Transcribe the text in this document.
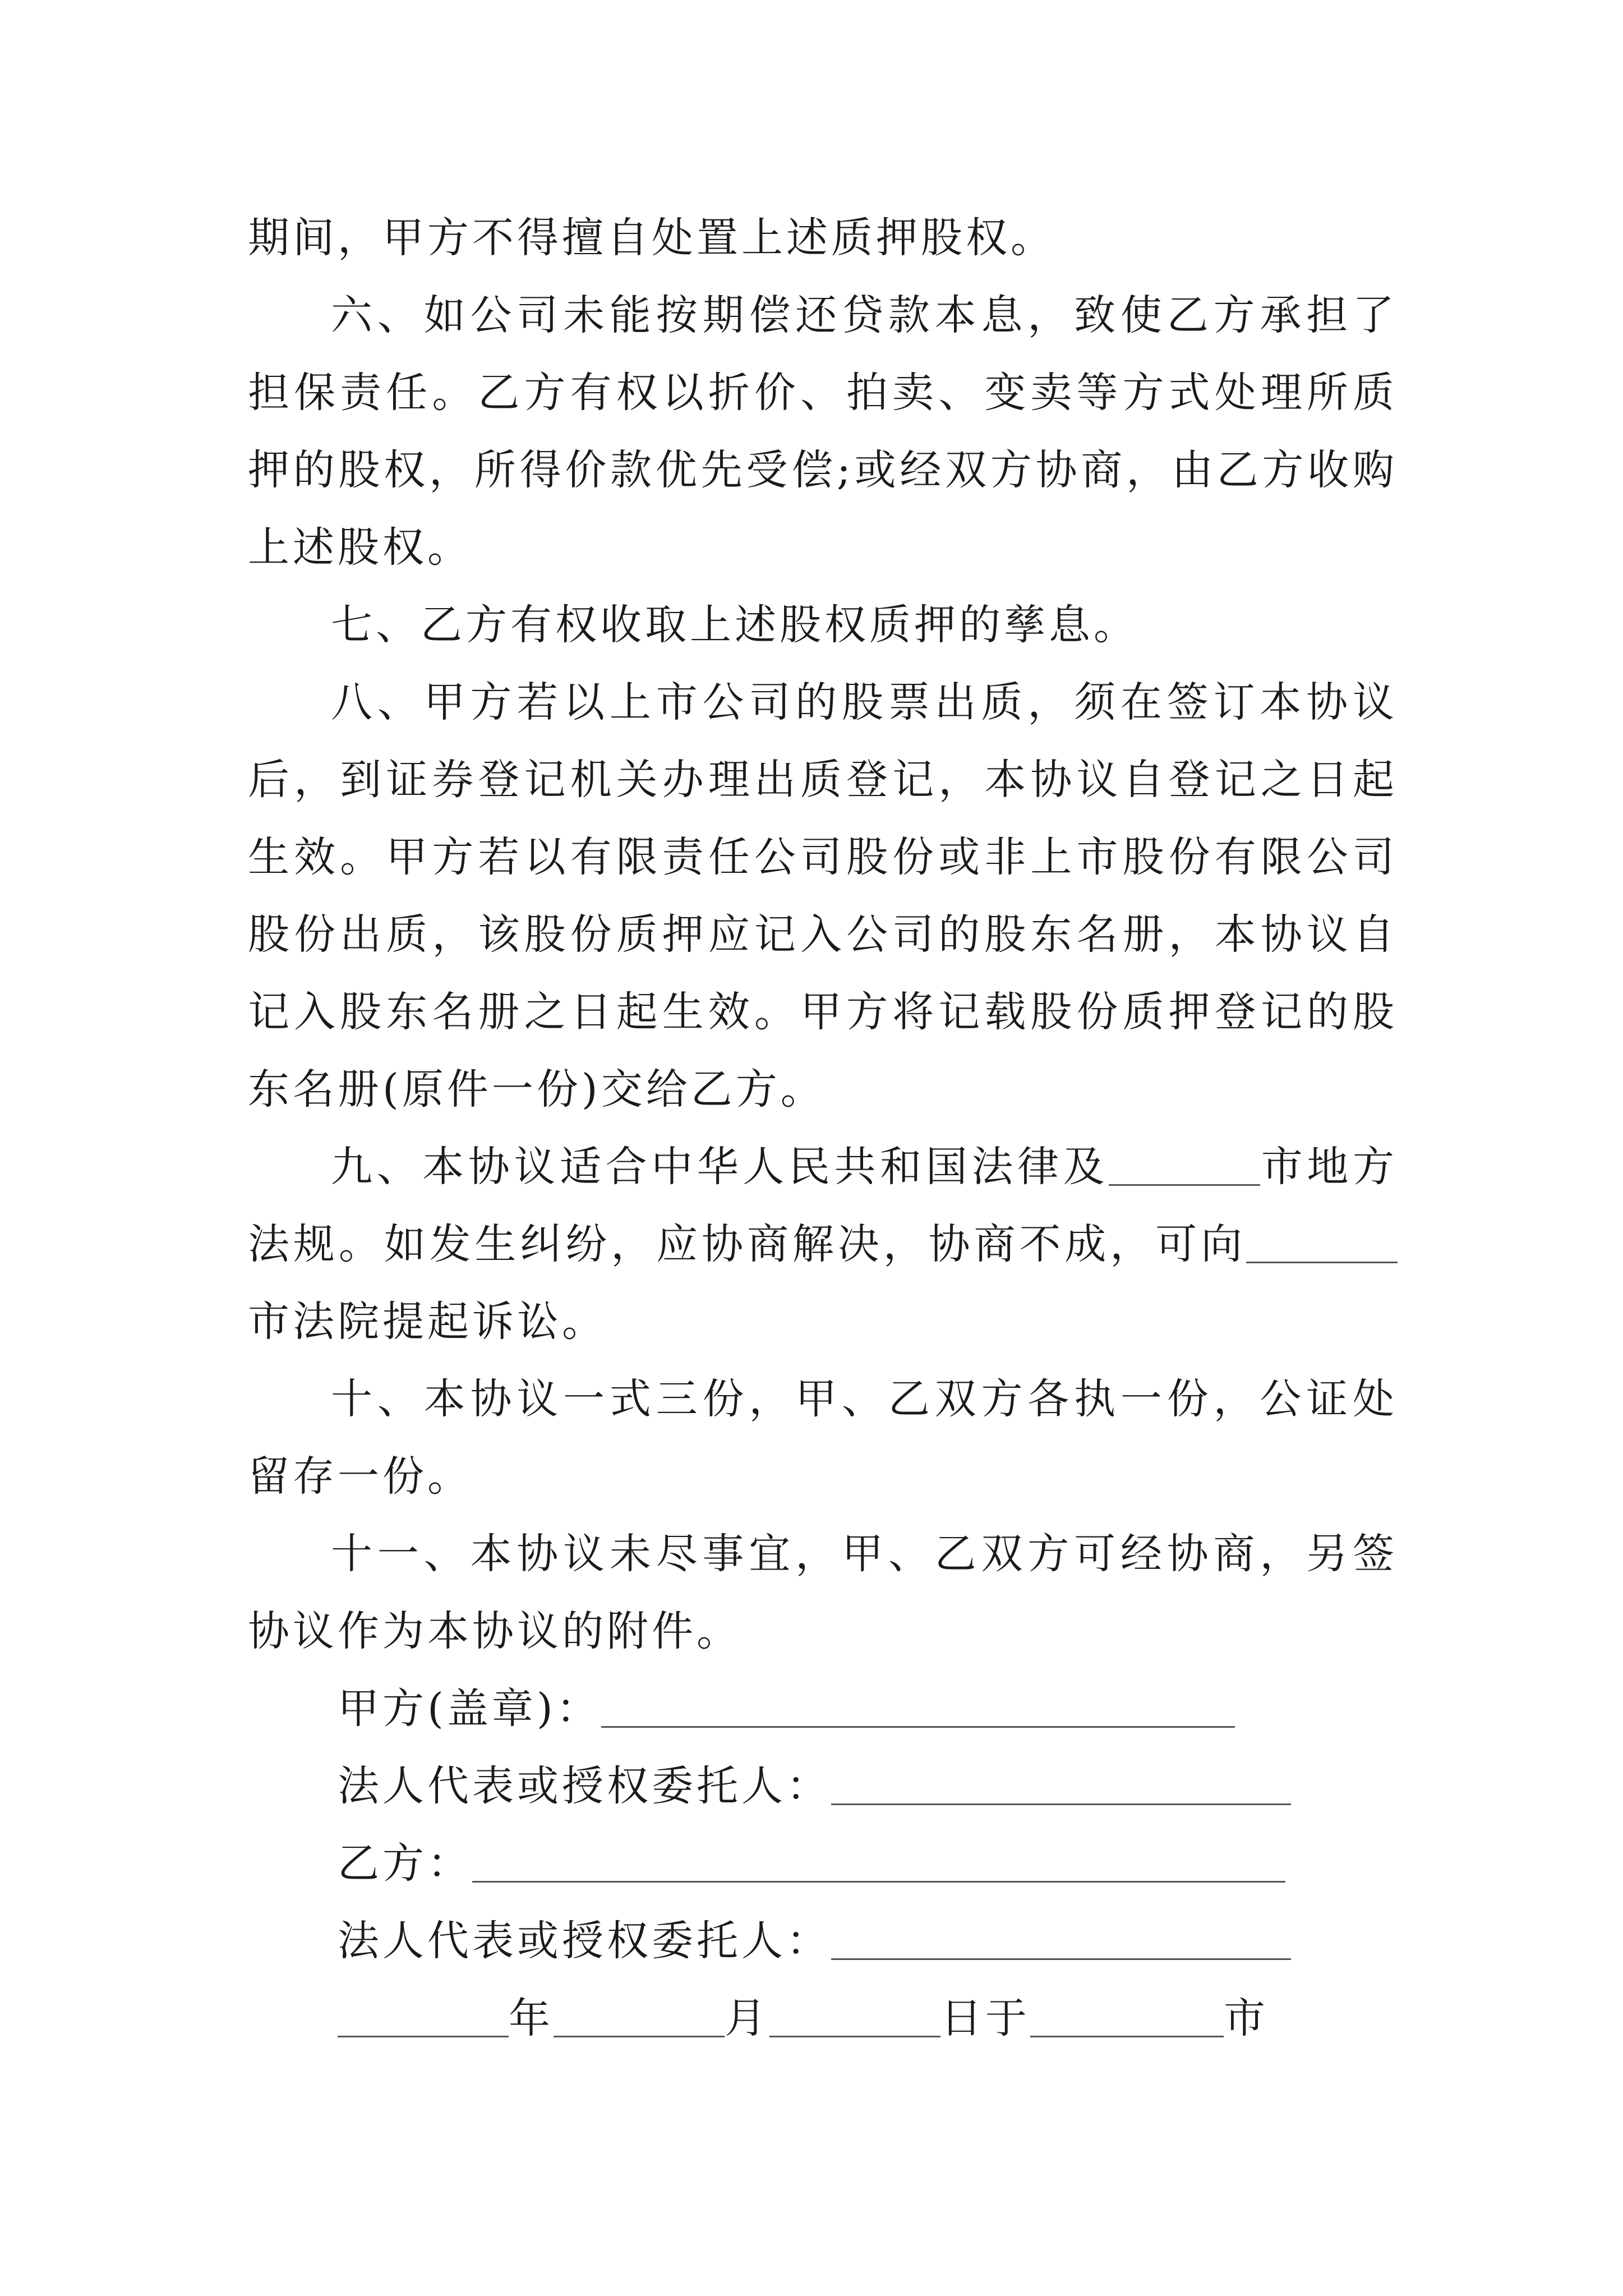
期间，甲方不得擅自处置上述质押股权。

六、如公司未能按期偿还贷款本息，致使乙方承担了担保责任。乙方有权以折价、拍卖、变卖等方式处理所质押的股权，所得价款优先受偿;或经双方协商，由乙方收购上述股权。

七、乙方有权收取上述股权质押的孳息。

八、甲方若以上市公司的股票出质，须在签订本协议后，到证券登记机关办理出质登记，本协议自登记之日起生效。甲方若以有限责任公司股份或非上市股份有限公司股份出质，该股份质押应记入公司的股东名册，本协议自记入股东名册之日起生效。甲方将记载股份质押登记的股东名册(原件一份)交给乙方。

九、本协议适合中华人民共和国法律及	市地方法规。如发生纠纷，应协商解决，协商不成，可向市法院提起诉讼。

十、本协议一式三份，甲、乙双方各执一份，公证处留存一份。

十一、本协议未尽事宜，甲、乙双方可经协商，另签协议作为本协议的附件。

甲方(盖章)：

法人代表或授权委托人：

乙方：

法人代表或授权委托人：

年	月	日于	市
